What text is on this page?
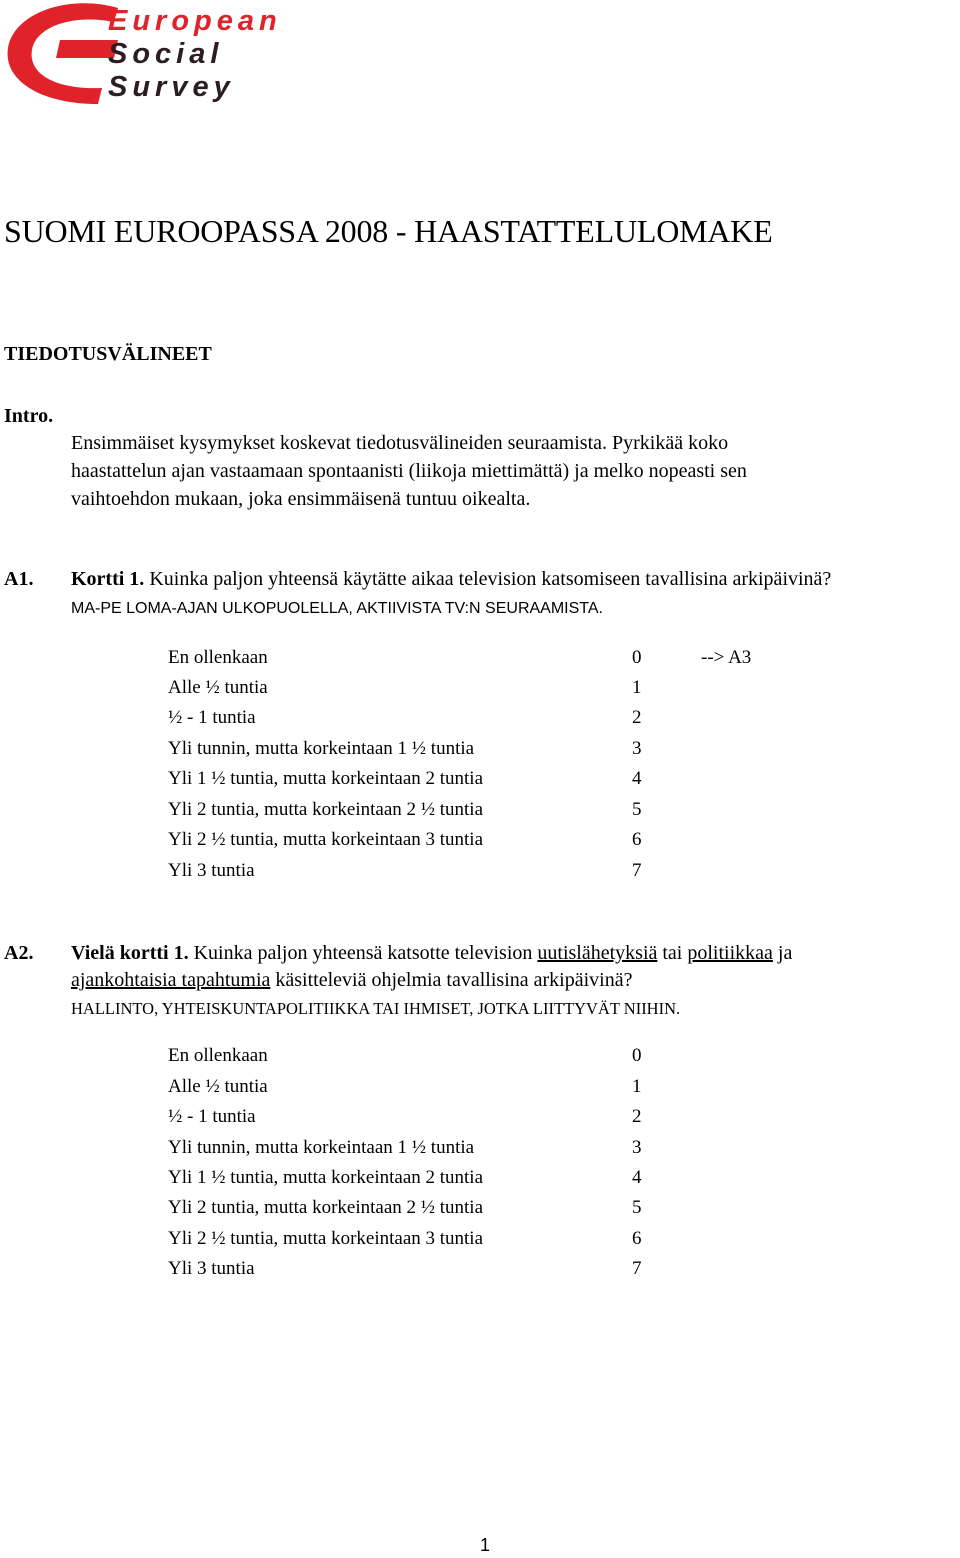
European
Social
Survey
SUOMI EUROOPASSA 2008 - HAASTATTELULOMAKE
TIEDOTUSVÄLINEET
Intro.
Ensimmäiset kysymykset koskevat tiedotusvälineiden seuraamista. Pyrkikää koko
haastattelun ajan vastaamaan spontaanisti (liikoja miettimättä) ja melko nopeasti sen
vaihtoehdon mukaan, joka ensimmäisenä tuntuu oikealta.
A1. Kortti 1. Kuinka paljon yhteensä käytätte aikaa television katsomiseen tavallisina arkipäivinä?
MA-PE LOMA-AJAN ULKOPUOLELLA, AKTIIVISTA TV:N SEURAAMISTA.
En ollenkaan	0	--> A3
Alle ½ tuntia	1
½ - 1 tuntia	2
Yli tunnin, mutta korkeintaan 1 ½ tuntia	3
Yli 1 ½ tuntia, mutta korkeintaan 2 tuntia	4
Yli 2 tuntia, mutta korkeintaan 2 ½ tuntia	5
Yli 2 ½ tuntia, mutta korkeintaan 3 tuntia	6
Yli 3 tuntia	7
A2. Vielä kortti 1. Kuinka paljon yhteensä katsotte television uutislähetyksiä tai politiikkaa ja
ajankohtaisia tapahtumia käsitteleviä ohjelmia tavallisina arkipäivinä?
HALLINTO, YHTEISKUNTAPOLITIIKKA TAI IHMISET, JOTKA LIITTYVÄT NIIHIN.
En ollenkaan	0
Alle ½ tuntia	1
½ - 1 tuntia	2
Yli tunnin, mutta korkeintaan 1 ½ tuntia	3
Yli 1 ½ tuntia, mutta korkeintaan 2 tuntia	4
Yli 2 tuntia, mutta korkeintaan 2 ½ tuntia	5
Yli 2 ½ tuntia, mutta korkeintaan 3 tuntia	6
Yli 3 tuntia	7
1
